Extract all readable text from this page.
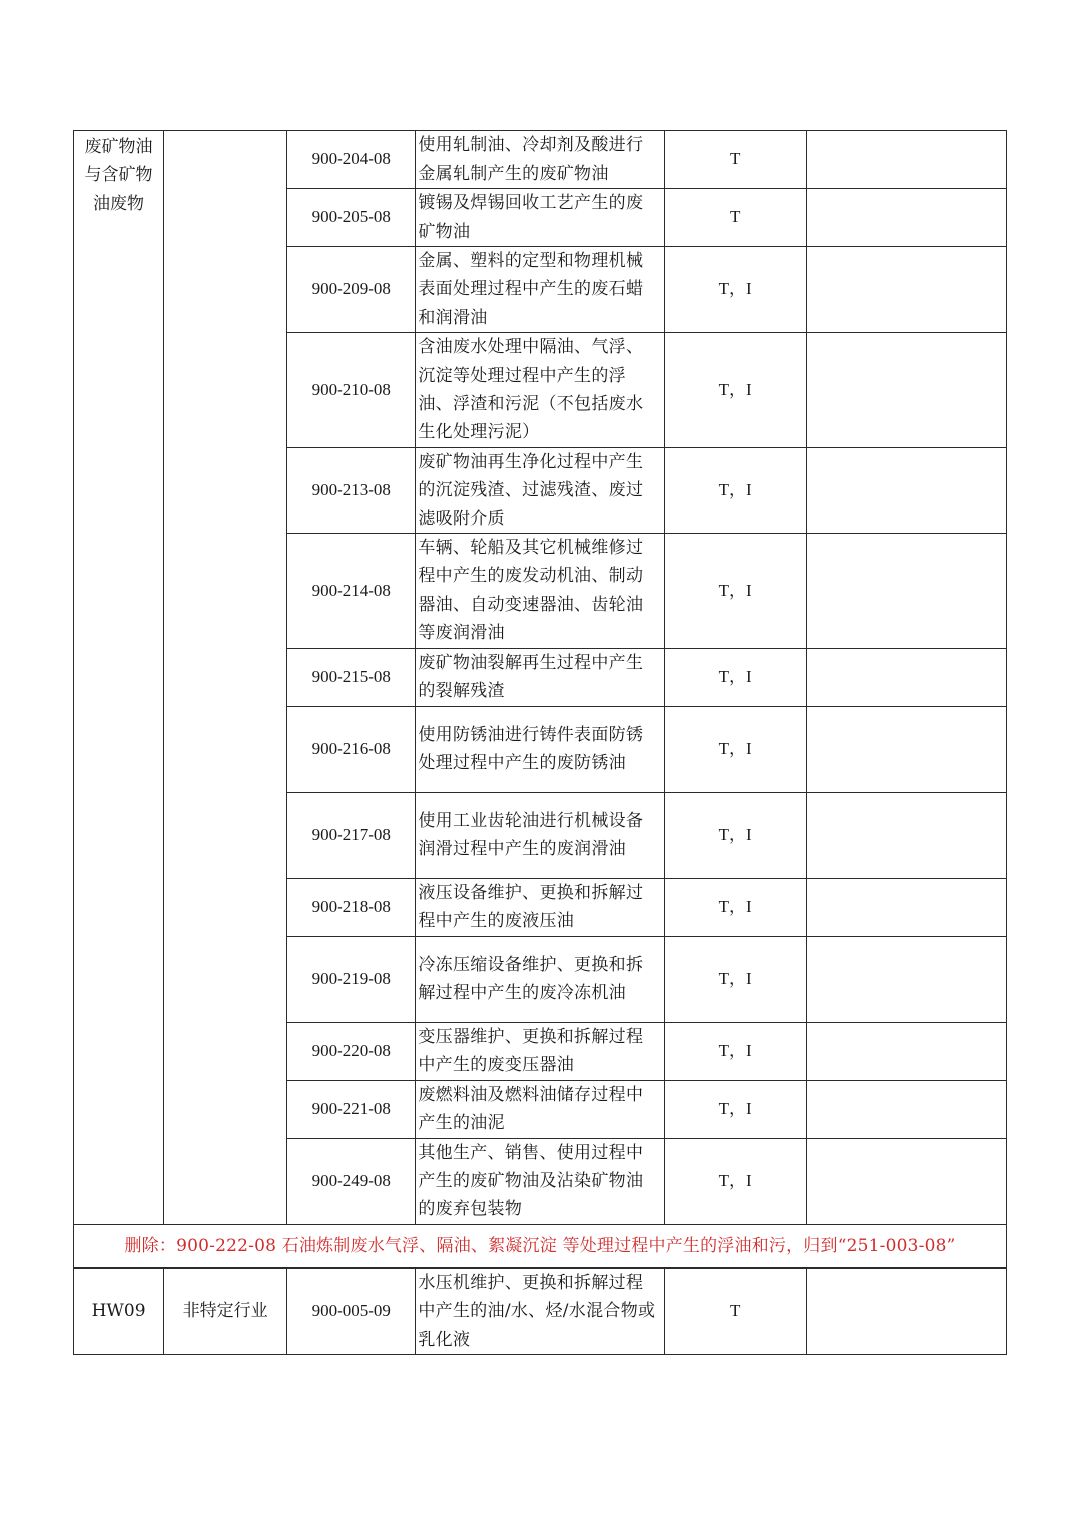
废矿物油与含矿物油废物		900-204-08	使用轧制油、冷却剂及酸进行金属轧制产生的废矿物油	T	
		900-205-08	镀锡及焊锡回收工艺产生的废矿物油	T	
		900-209-08	金属、塑料的定型和物理机械表面处理过程中产生的废石蜡和润滑油	T，I	
		900-210-08	含油废水处理中隔油、气浮、沉淀等处理过程中产生的浮油、浮渣和污泥（不包括废水生化处理污泥）	T，I	
		900-213-08	废矿物油再生净化过程中产生的沉淀残渣、过滤残渣、废过滤吸附介质	T，I	
		900-214-08	车辆、轮船及其它机械维修过程中产生的废发动机油、制动器油、自动变速器油、齿轮油等废润滑油	T，I	
		900-215-08	废矿物油裂解再生过程中产生的裂解残渣	T，I	
		900-216-08	使用防锈油进行铸件表面防锈处理过程中产生的废防锈油	T，I	
		900-217-08	使用工业齿轮油进行机械设备润滑过程中产生的废润滑油	T，I	
		900-218-08	液压设备维护、更换和拆解过程中产生的废液压油	T，I	
		900-219-08	冷冻压缩设备维护、更换和拆解过程中产生的废冷冻机油	T，I	
		900-220-08	变压器维护、更换和拆解过程中产生的废变压器油	T，I	
		900-221-08	废燃料油及燃料油储存过程中产生的油泥	T，I	
		900-249-08	其他生产、销售、使用过程中产生的废矿物油及沾染矿物油的废弃包装物	T，I	
删除：900-222-08 石油炼制废水气浮、隔油、絮凝沉淀 等处理过程中产生的浮油和污，归到“251-003-08”					
HW09	非特定行业	900-005-09	水压机维护、更换和拆解过程中产生的油/水、烃/水混合物或乳化液	T	
